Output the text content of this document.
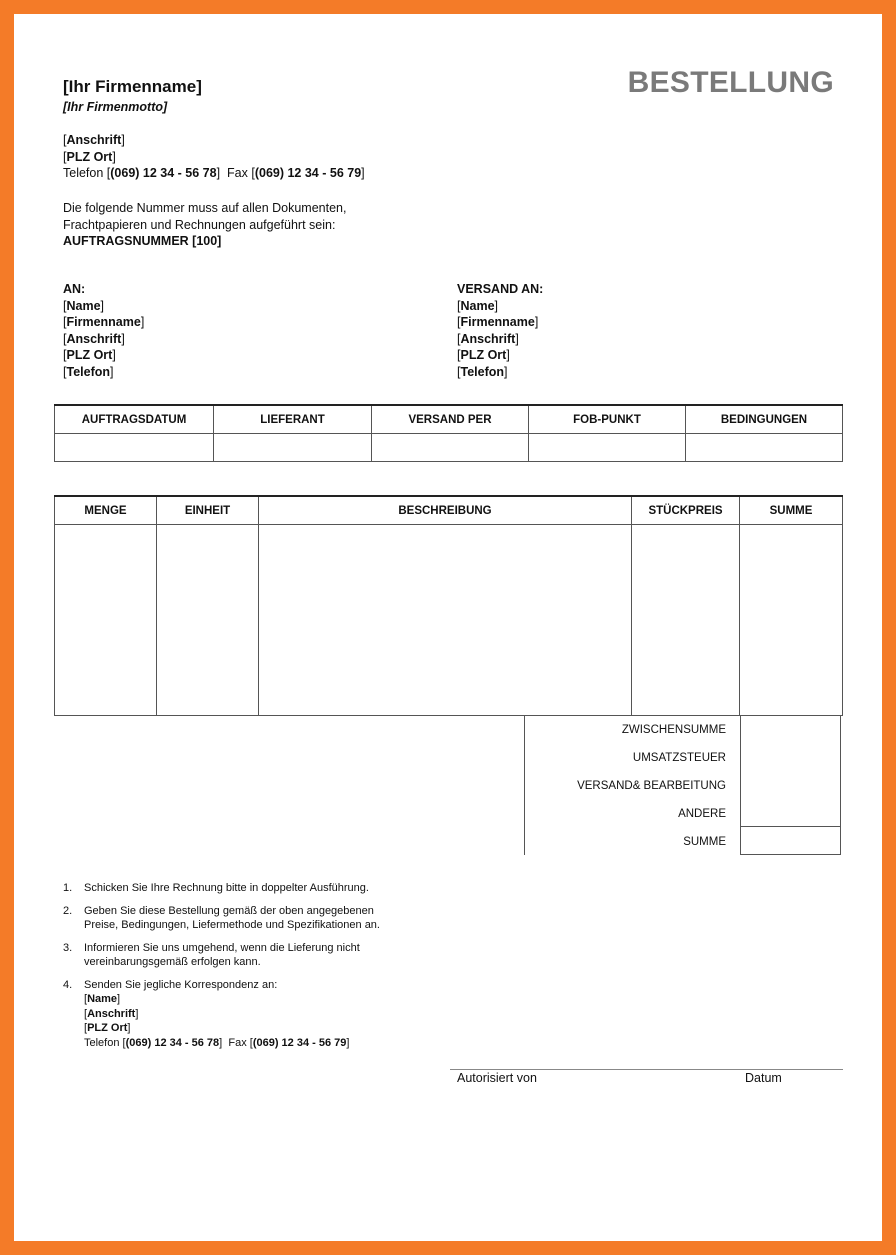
[Ihr Firmenname]
[Ihr Firmenmotto]
BESTELLUNG
[Anschrift]
[PLZ Ort]
Telefon [(069) 12 34 - 56 78] Fax [(069) 12 34 - 56 79]
Die folgende Nummer muss auf allen Dokumenten,
Frachtpapieren und Rechnungen aufgeführt sein:
AUFTRAGSNUMMER [100]
AN:
[Name]
[Firmenname]
[Anschrift]
[PLZ Ort]
[Telefon]
VERSAND AN:
[Name]
[Firmenname]
[Anschrift]
[PLZ Ort]
[Telefon]
AUFTRAGSDATUM	LIEFERANT	VERSAND PER	FOB-PUNKT	BEDINGUNGEN

MENGE	EINHEIT	BESCHREIBUNG	STÜCKPREIS	SUMME

ZWISCHENSUMME
UMSATZSTEUER
VERSAND& BEARBEITUNG
ANDERE
SUMME
1. Schicken Sie Ihre Rechnung bitte in doppelter Ausführung.
2. Geben Sie diese Bestellung gemäß der oben angegebenen
Preise, Bedingungen, Liefermethode und Spezifikationen an.
3. Informieren Sie uns umgehend, wenn die Lieferung nicht
vereinbarungsgemäß erfolgen kann.
4. Senden Sie jegliche Korrespondenz an:
[Name]
[Anschrift]
[PLZ Ort]
Telefon [(069) 12 34 - 56 78] Fax [(069) 12 34 - 56 79]
Autorisiert von	Datum
